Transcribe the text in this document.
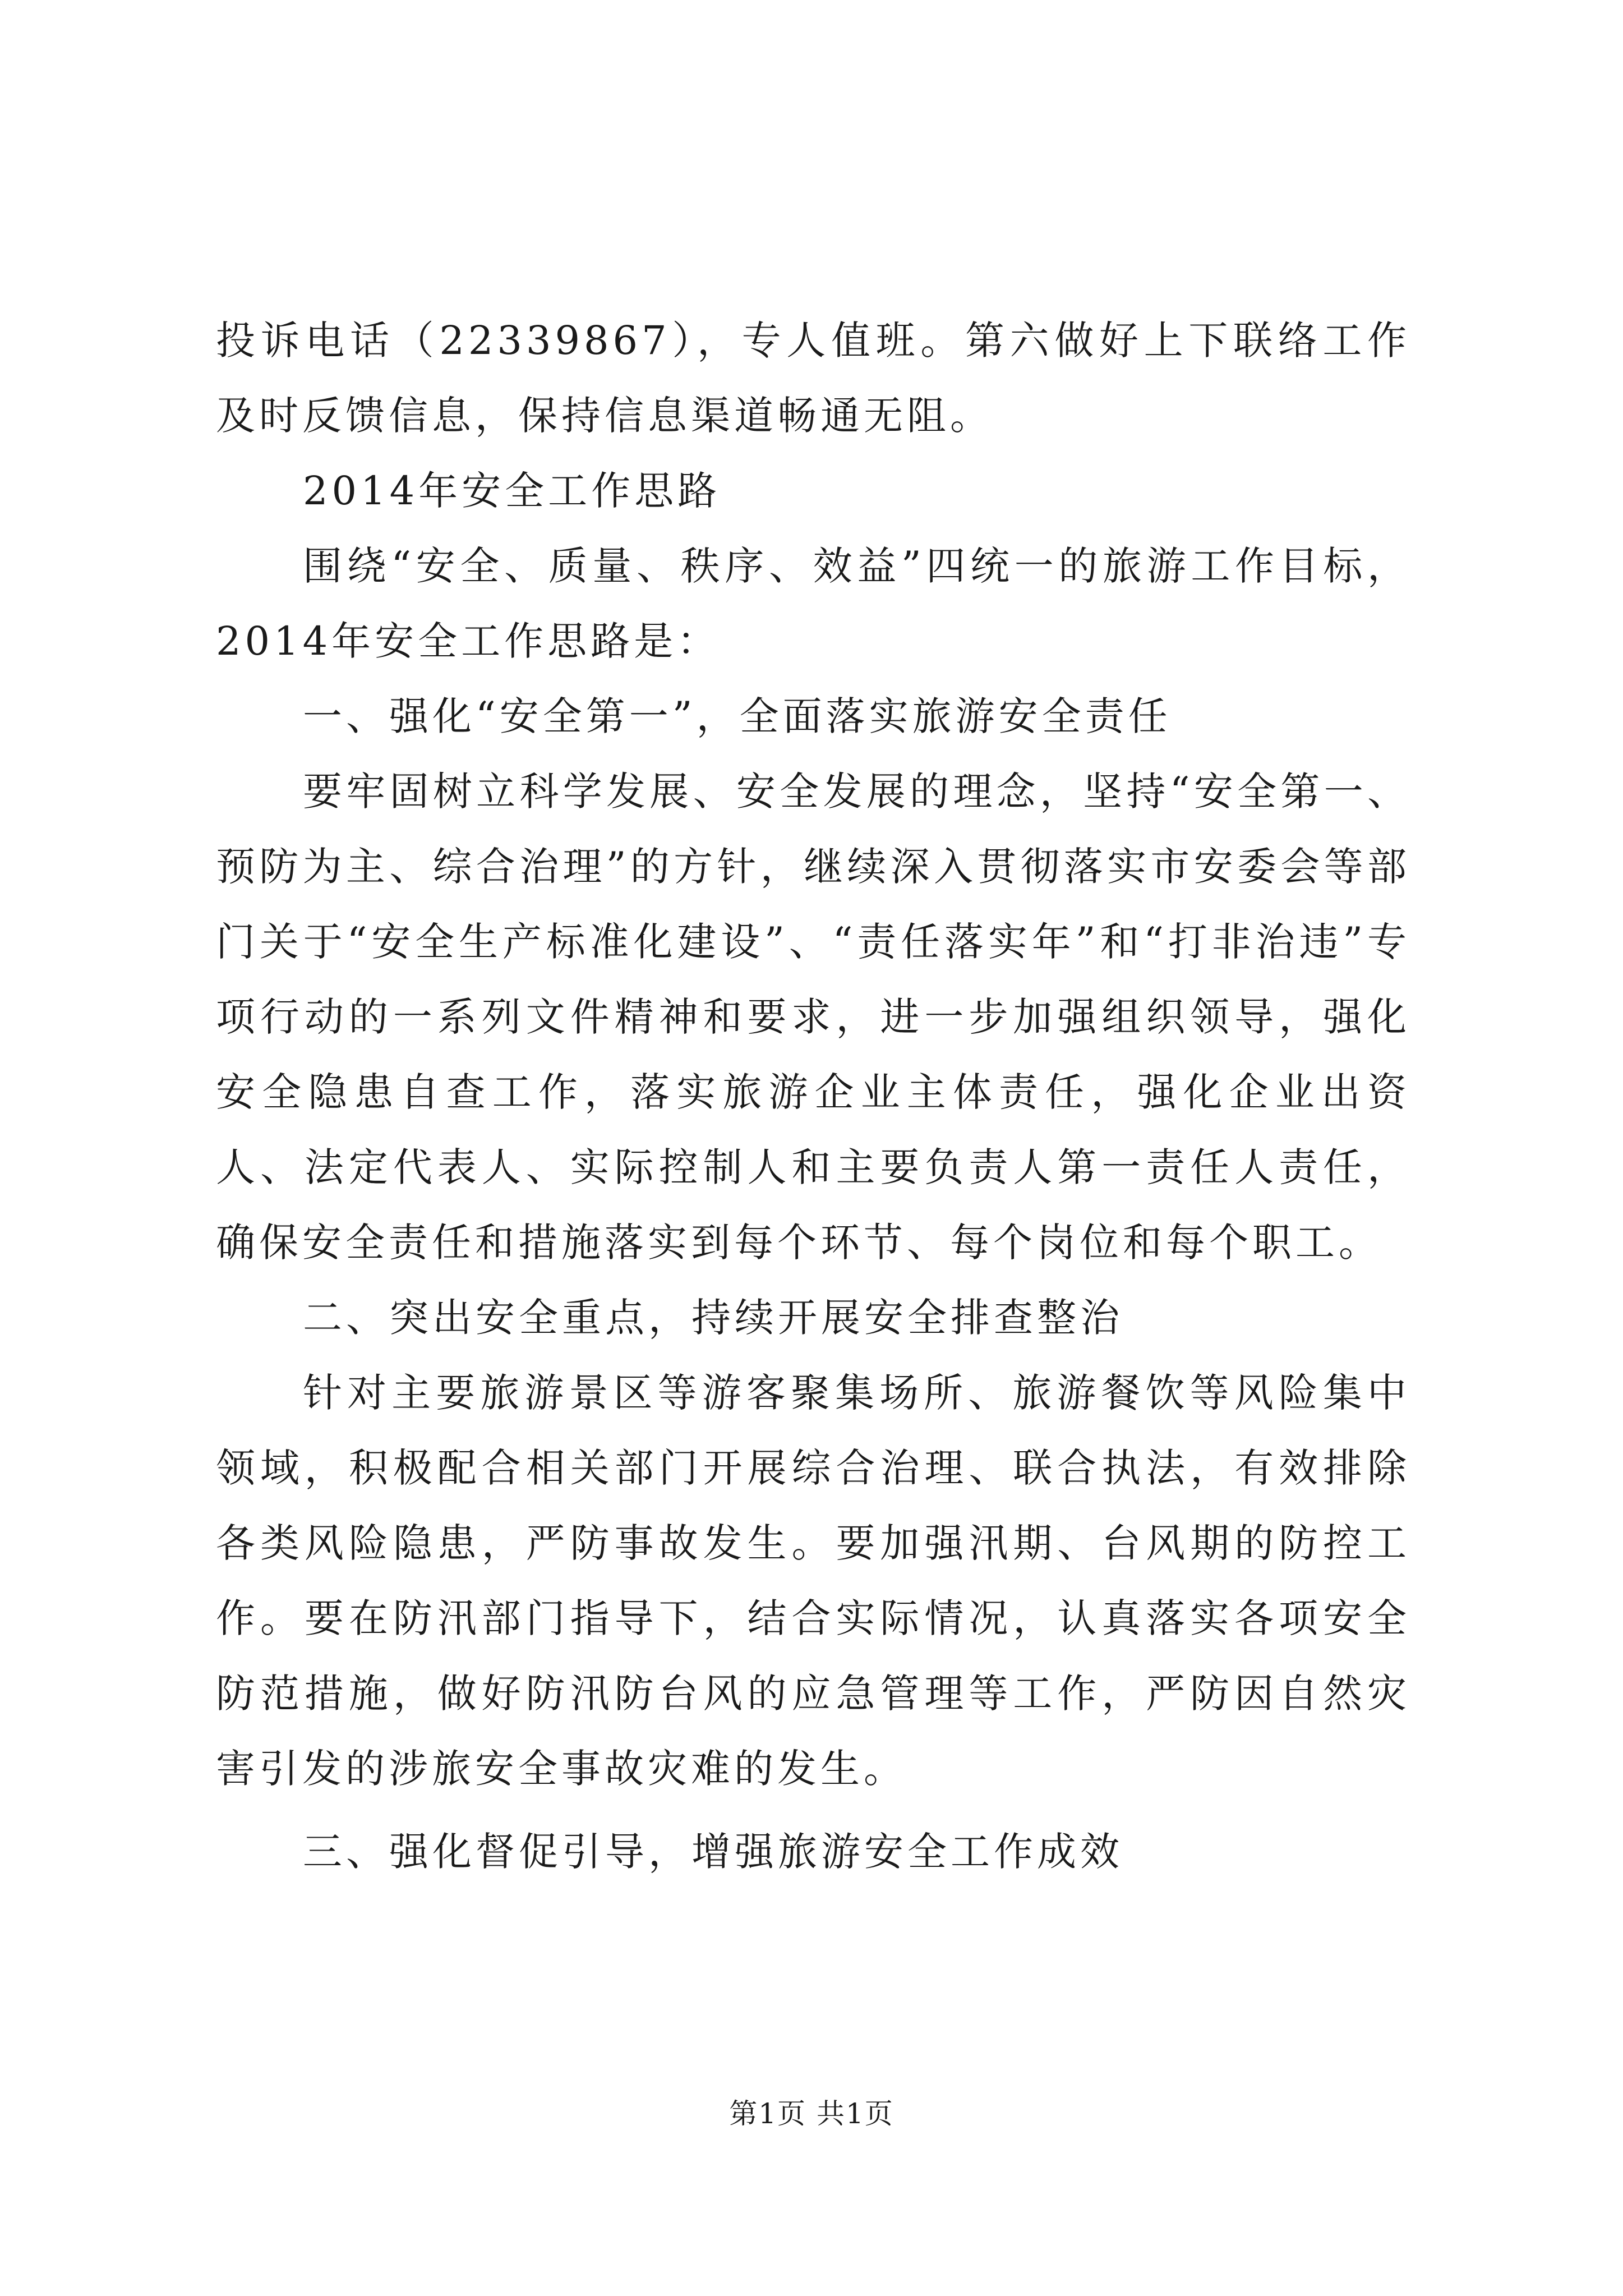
投诉电话（22339867），专人值班。第六做好上下联络工作及时反馈信息，保持信息渠道畅通无阻。

2014年安全工作思路

围绕“安全、质量、秩序、效益”四统一的旅游工作目标，2014年安全工作思路是：

一、强化“安全第一”，全面落实旅游安全责任

要牢固树立科学发展、安全发展的理念，坚持“安全第一、预防为主、综合治理”的方针，继续深入贯彻落实市安委会等部门关于“安全生产标准化建设”、“责任落实年”和“打非治违”专项行动的一系列文件精神和要求，进一步加强组织领导，强化安全隐患自查工作，落实旅游企业主体责任，强化企业出资人、法定代表人、实际控制人和主要负责人第一责任人责任，确保安全责任和措施落实到每个环节、每个岗位和每个职工。

二、突出安全重点，持续开展安全排查整治

针对主要旅游景区等游客聚集场所、旅游餐饮等风险集中领域，积极配合相关部门开展综合治理、联合执法，有效排除各类风险隐患，严防事故发生。要加强汛期、台风期的防控工作。要在防汛部门指导下，结合实际情况，认真落实各项安全防范措施，做好防汛防台风的应急管理等工作，严防因自然灾害引发的涉旅安全事故灾难的发生。

三、强化督促引导，增强旅游安全工作成效

第1页 共1页
